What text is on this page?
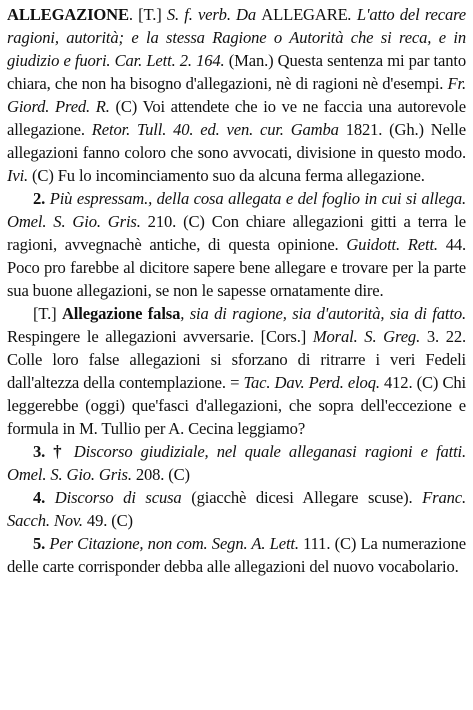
ALLEGAZIONE. [T.] S. f. verb. Da ALLEGARE. L'atto del recare ragioni, autorità; e la stessa Ragione o Autorità che si reca, e in giudizio e fuori. Car. Lett. 2. 164. (Man.) Questa sentenza mi par tanto chiara, che non ha bisogno d'allegazioni, nè di ragioni nè d'esempi. Fr. Giord. Pred. R. (C) Voi attendete che io ve ne faccia una autorevole allegazione. Retor. Tull. 40. ed. ven. cur. Gamba 1821. (Gh.) Nelle allegazioni fanno coloro che sono avvocati, divisione in questo modo. Ivi. (C) Fu lo incominciamento suo da alcuna ferma allegazione.

2. Più espressam., della cosa allegata e del foglio in cui si allega. Omel. S. Gio. Gris. 210. (C) Con chiare allegazioni gitti a terra le ragioni, avvegnachè antiche, di questa opinione. Guidott. Rett. 44. Poco pro farebbe al dicitore sapere bene allegare e trovare per la parte sua buone allegazioni, se non le sapesse ornatamente dire.

[T.] Allegazione falsa, sia di ragione, sia d'autorità, sia di fatto. Respingere le allegazioni avversarie. [Cors.] Moral. S. Greg. 3. 22. Colle loro false allegazioni si sforzano di ritrarre i veri Fedeli dall'altezza della contemplazione. = Tac. Dav. Perd. eloq. 412. (C) Chi leggerebbe (oggi) que'fasci d'allegazioni, che sopra dell'eccezione e formula in M. Tullio per A. Cecina leggiamo?

3. † Discorso giudiziale, nel quale alleganasi ragioni e fatti. Omel. S. Gio. Gris. 208. (C)

4. Discorso di scusa (giacchè dicesi Allegare scuse). Franc. Sacch. Nov. 49. (C)

5. Per Citazione, non com. Segn. A. Lett. 111. (C) La numerazione delle carte corrisponder debba alle allegazioni del nuovo vocabolario.
